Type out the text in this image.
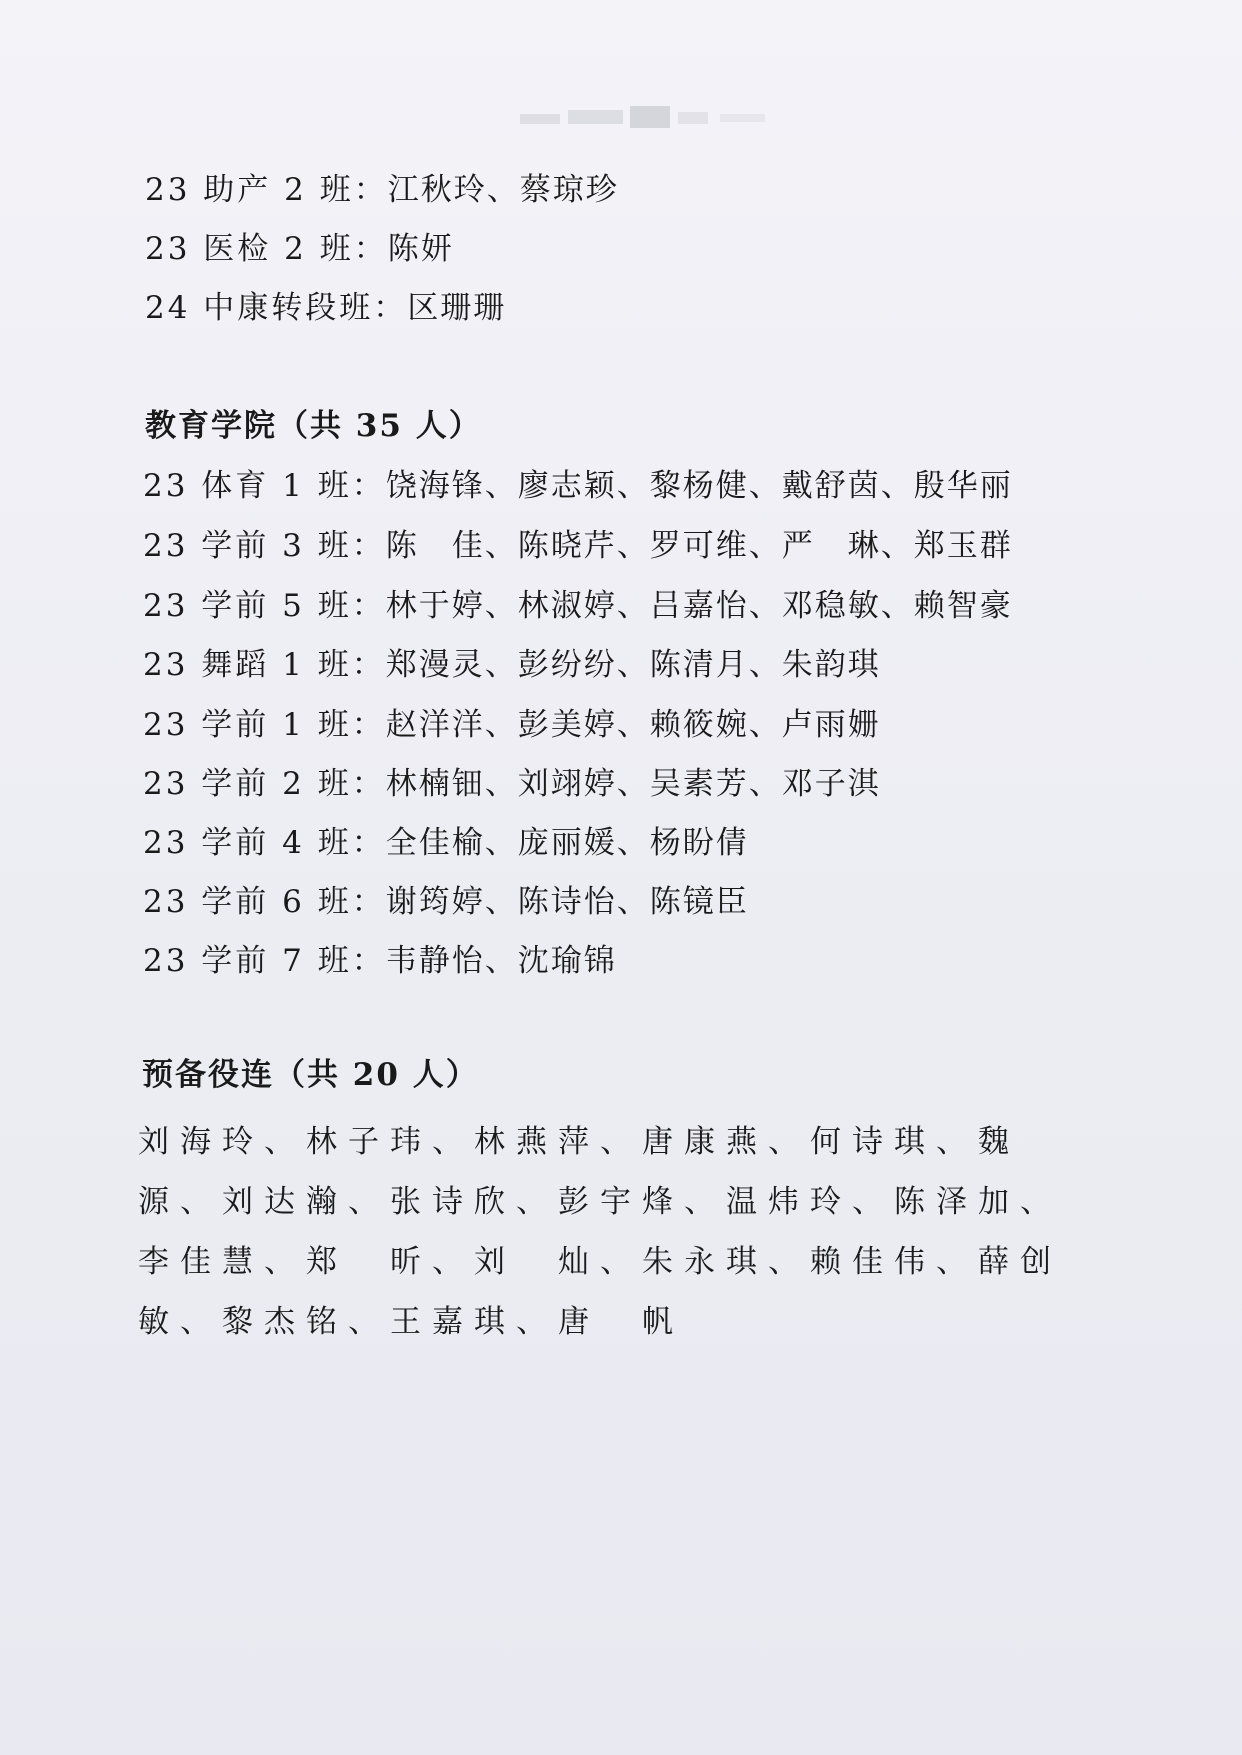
23 助产 2 班：江秋玲、蔡琼珍
23 医检 2 班：陈妍
24 中康转段班：区珊珊
教育学院（共 35 人）
23 体育 1 班：饶海锋、廖志颖、黎杨健、戴舒茵、殷华丽
23 学前 3 班：陈　佳、陈晓芹、罗可维、严　琳、郑玉群
23 学前 5 班：林于婷、林淑婷、吕嘉怡、邓稳敏、赖智豪
23 舞蹈 1 班：郑漫灵、彭纷纷、陈清月、朱韵琪
23 学前 1 班：赵洋洋、彭美婷、赖筱婉、卢雨姗
23 学前 2 班：林楠钿、刘翊婷、吴素芳、邓子淇
23 学前 4 班：全佳榆、庞丽媛、杨盼倩
23 学前 6 班：谢筠婷、陈诗怡、陈镜臣
23 学前 7 班：韦静怡、沈瑜锦
预备役连（共 20 人）
刘海玲、林子玮、林燕萍、唐康燕、何诗琪、魏　源、刘达瀚、张诗欣、彭宇烽、温炜玲、陈泽加、李佳慧、郑　昕、刘　灿、朱永琪、赖佳伟、薛创敏、黎杰铭、王嘉琪、唐　帆
